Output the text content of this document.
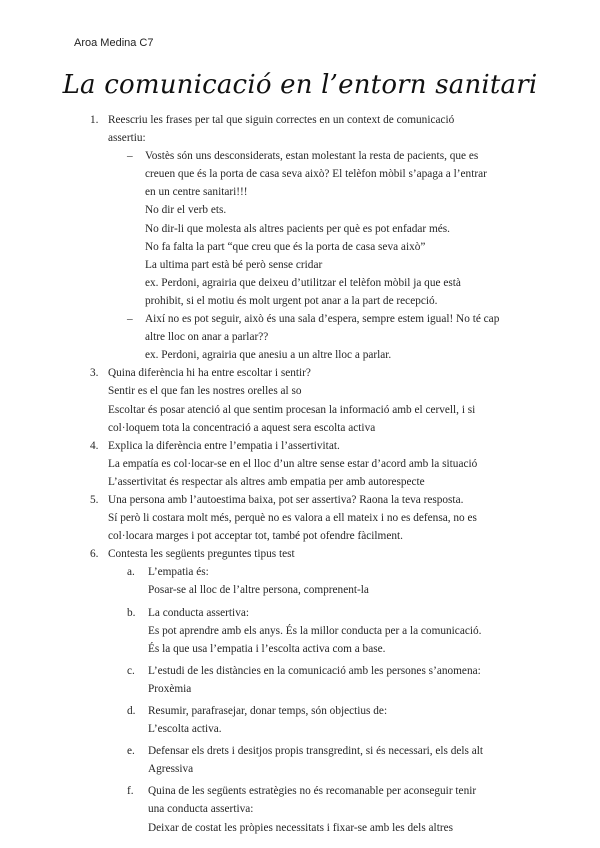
Aroa Medina C7
La comunicació en l’entorn sanitari
1. Reescriu les frases per tal que siguin correctes en un context de comunicació
assertiu:
– Vostès són uns desconsiderats, estan molestant la resta de pacients, que es
creuen que és la porta de casa seva això? El telèfon mòbil s’apaga a l’entrar
en un centre sanitari!!!
No dir el verb ets.
No dir-li que molesta als altres pacients per què es pot enfadar més.
No fa falta la part “que creu que és la porta de casa seva això”
La ultima part està bé però sense cridar
ex. Perdoni, agrairia que deixeu d’utilitzar el telèfon mòbil ja que està
prohibit, si el motiu és molt urgent pot anar a la part de recepció.
– Així no es pot seguir, això és una sala d’espera, sempre estem igual! No té cap
altre lloc on anar a parlar??
ex. Perdoni, agrairia que anesiu a un altre lloc a parlar.
3. Quina diferència hi ha entre escoltar i sentir?
Sentir es el que fan les nostres orelles al so
Escoltar és posar atenció al que sentim procesan la informació amb el cervell, i si
col·loquem tota la concentració a aquest sera escolta activa
4. Explica la diferència entre l’empatia i l’assertivitat.
La empatía es col·locar-se en el lloc d’un altre sense estar d’acord amb la situació
L’assertivitat és respectar als altres amb empatia per amb autorespecte
5. Una persona amb l’autoestima baixa, pot ser assertiva? Raona la teva resposta.
Sí però li costara molt més, perquè no es valora a ell mateix i no es defensa, no es
col·locara marges i pot acceptar tot, també pot ofendre fàcilment.
6. Contesta les següents preguntes tipus test
a. L’empatia és:
Posar-se al lloc de l’altre persona, comprenent-la
b. La conducta assertiva:
Es pot aprendre amb els anys. És la millor conducta per a la comunicació.
És la que usa l’empatia i l’escolta activa com a base.
c. L’estudi de les distàncies en la comunicació amb les persones s’anomena:
Proxèmia
d. Resumir, parafrasejar, donar temps, són objectius de:
L’escolta activa.
e. Defensar els drets i desitjos propis transgredint, si és necessari, els dels alt
Agressiva
f. Quina de les següents estratègies no és recomanable per aconseguir tenir
una conducta assertiva:
Deixar de costat les pròpies necessitats i fixar-se amb les dels altres
